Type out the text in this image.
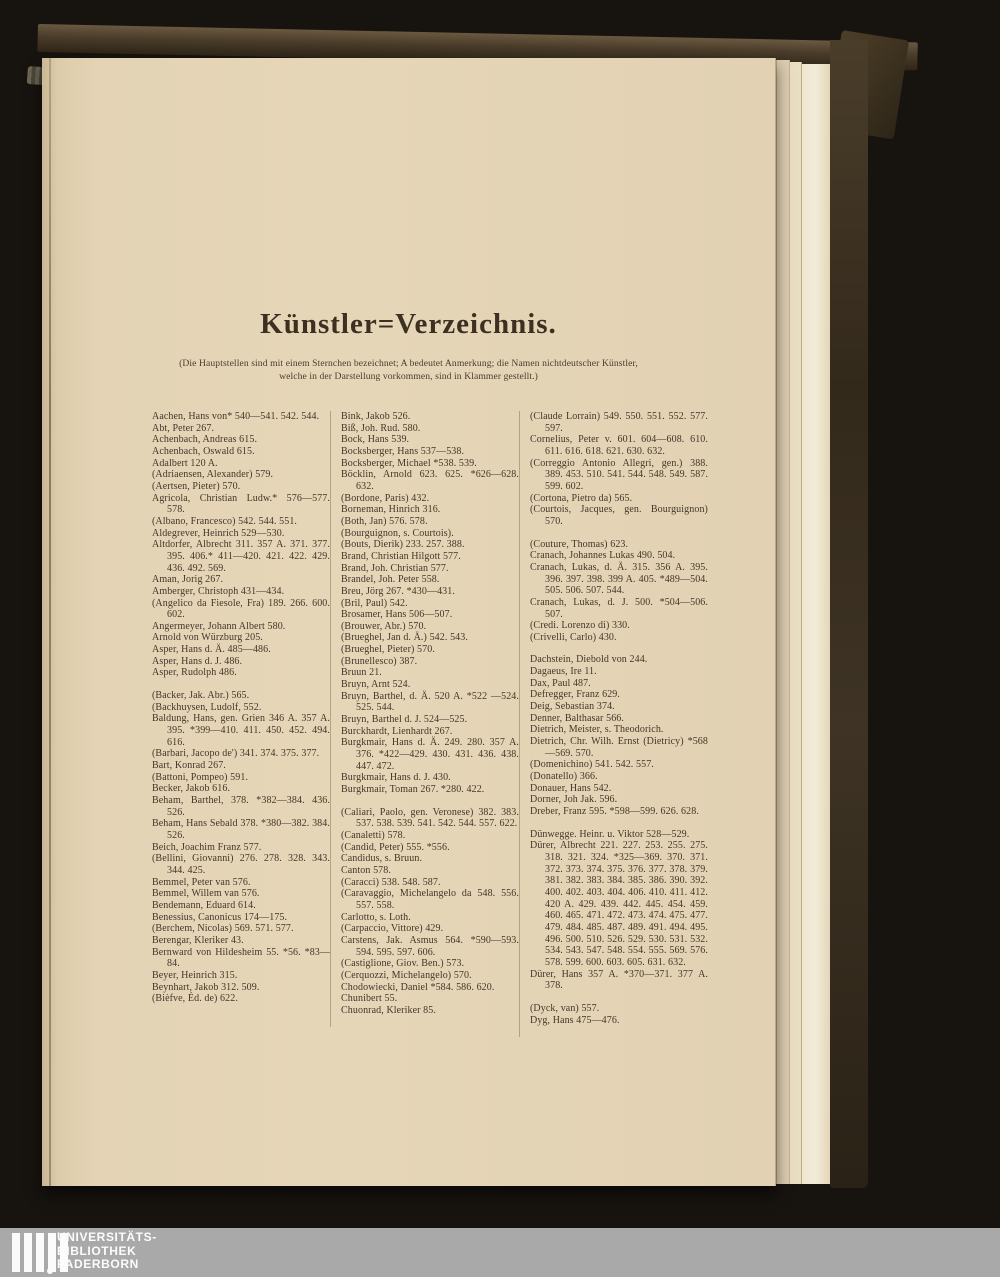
Künstler=Verzeichnis.
(Die Hauptstellen sind mit einem Sternchen bezeichnet; A bedeutet Anmerkung; die Namen nichtdeutscher Künstler,
welche in der Darstellung vorkommen, sind in Klammer gestellt.)
Aachen, Hans von* 540—541. 542. 544.
Abt, Peter 267.
Achenbach, Andreas 615.
Achenbach, Oswald 615.
Adalbert 120 A.
(Adriaensen, Alexander) 579.
(Aertsen, Pieter) 570.
Agricola, Christian Ludw.* 576—577. 578.
(Albano, Francesco) 542. 544. 551.
Aldegrever, Heinrich 529—530.
Altdorfer, Albrecht 311. 357 A. 371. 377. 395. 406.* 411—420. 421. 422. 429. 436. 492. 569.
Aman, Jorig 267.
Amberger, Christoph 431—434.
(Angelico da Fiesole, Fra) 189. 266. 600. 602.
Angermeyer, Johann Albert 580.
Arnold von Würzburg 205.
Asper, Hans d. Ä. 485—486.
Asper, Hans d. J. 486.
Asper, Rudolph 486.
(Backer, Jak. Abr.) 565.
(Backhuysen, Ludolf, 552.
Baldung, Hans, gen. Grien 346 A. 357 A. 395. *399—410. 411. 450. 452. 494. 616.
(Barbari, Jacopo de') 341. 374. 375. 377.
Bart, Konrad 267.
(Battoni, Pompeo) 591.
Becker, Jakob 616.
Beham, Barthel, 378. *382—384. 436. 526.
Beham, Hans Sebald 378. *380—382. 384. 526.
Beich, Joachim Franz 577.
(Bellini, Giovanni) 276. 278. 328. 343. 344. 425.
Bemmel, Peter van 576.
Bemmel, Willem van 576.
Bendemann, Eduard 614.
Benessius, Canonicus 174—175.
(Berchem, Nicolas) 569. 571. 577.
Berengar, Kleriker 43.
Bernward von Hildesheim 55. *56. *83—84.
Beyer, Heinrich 315.
Beynhart, Jakob 312. 509.
(Bièfve, Éd. de) 622.
Bink, Jakob 526.
Biß, Joh. Rud. 580.
Bock, Hans 539.
Bocksberger, Hans 537—538.
Bocksberger, Michael *538. 539.
Böcklin, Arnold 623. 625. *626—628. 632.
(Bordone, Paris) 432.
Borneman, Hinrich 316.
(Both, Jan) 576. 578.
(Bourguignon, s. Courtois).
(Bouts, Dierik) 233. 257. 388.
Brand, Christian Hilgott 577.
Brand, Joh. Christian 577.
Brandel, Joh. Peter 558.
Breu, Jörg 267. *430—431.
(Bril, Paul) 542.
Brosamer, Hans 506—507.
(Brouwer, Abr.) 570.
(Brueghel, Jan d. Ä.) 542. 543.
(Brueghel, Pieter) 570.
(Brunellesco) 387.
Bruun 21.
Bruyn, Arnt 524.
Bruyn, Barthel, d. Ä. 520 A. *522 —524. 525. 544.
Bruyn, Barthel d. J. 524—525.
Burckhardt, Lienhardt 267.
Burgkmair, Hans d. Ä. 249. 280. 357 A. 376. *422—429. 430. 431. 436. 438. 447. 472.
Burgkmair, Hans d. J. 430.
Burgkmair, Toman 267. *280. 422.
(Caliari, Paolo, gen. Veronese) 382. 383. 537. 538. 539. 541. 542. 544. 557. 622.
(Canaletti) 578.
(Candid, Peter) 555. *556.
Candidus, s. Bruun.
Canton 578.
(Caracci) 538. 548. 587.
(Caravaggio, Michelangelo da 548. 556. 557. 558.
Carlotto, s. Loth.
(Carpaccio, Vittore) 429.
Carstens, Jak. Asmus 564. *590—593. 594. 595. 597. 606.
(Castiglione, Giov. Ben.) 573.
(Cerquozzi, Michelangelo) 570.
Chodowiecki, Daniel *584. 586. 620.
Chunibert 55.
Chuonrad, Kleriker 85.
(Claude Lorrain) 549. 550. 551. 552. 577. 597.
Cornelius, Peter v. 601. 604—608. 610. 611. 616. 618. 621. 630. 632.
(Correggio Antonio Allegri, gen.) 388. 389. 453. 510. 541. 544. 548. 549. 587. 599. 602.
(Cortona, Pietro da) 565.
(Courtois, Jacques, gen. Bourguignon) 570.
(Couture, Thomas) 623.
Cranach, Johannes Lukas 490. 504.
Cranach, Lukas, d. Ä. 315. 356 A. 395. 396. 397. 398. 399 A. 405. *489—504. 505. 506. 507. 544.
Cranach, Lukas, d. J. 500. *504—506. 507.
(Credi. Lorenzo di) 330.
(Crivelli, Carlo) 430.
Dachstein, Diebold von 244.
Dagaeus, Ire 11.
Dax, Paul 487.
Defregger, Franz 629.
Deig, Sebastian 374.
Denner, Balthasar 566.
Dietrich, Meister, s. Theodorich.
Dietrich, Chr. Wilh. Ernst (Dietricy) *568—569. 570.
(Domenichino) 541. 542. 557.
(Donatello) 366.
Donauer, Hans 542.
Dorner, Joh Jak. 596.
Dreber, Franz 595. *598—599. 626. 628.
Dünwegge. Heinr. u. Viktor 528—529.
Dürer, Albrecht 221. 227. 253. 255. 275. 318. 321. 324. *325—369. 370. 371. 372. 373. 374. 375. 376. 377. 378. 379. 381. 382. 383. 384. 385. 386. 390. 392. 400. 402. 403. 404. 406. 410. 411. 412. 420 A. 429. 439. 442. 445. 454. 459. 460. 465. 471. 472. 473. 474. 475. 477. 479. 484. 485. 487. 489. 491. 494. 495. 496. 500. 510. 526. 529. 530. 531. 532. 534. 543. 547. 548. 554. 555. 569. 576. 578. 599. 600. 603. 605. 631. 632.
Dürer, Hans 357 A. *370—371. 377 A. 378.
(Dyck, van) 557.
Dyg, Hans 475—476.
UNIVERSITÄTS-
BIBLIOTHEK
PADERBORN
